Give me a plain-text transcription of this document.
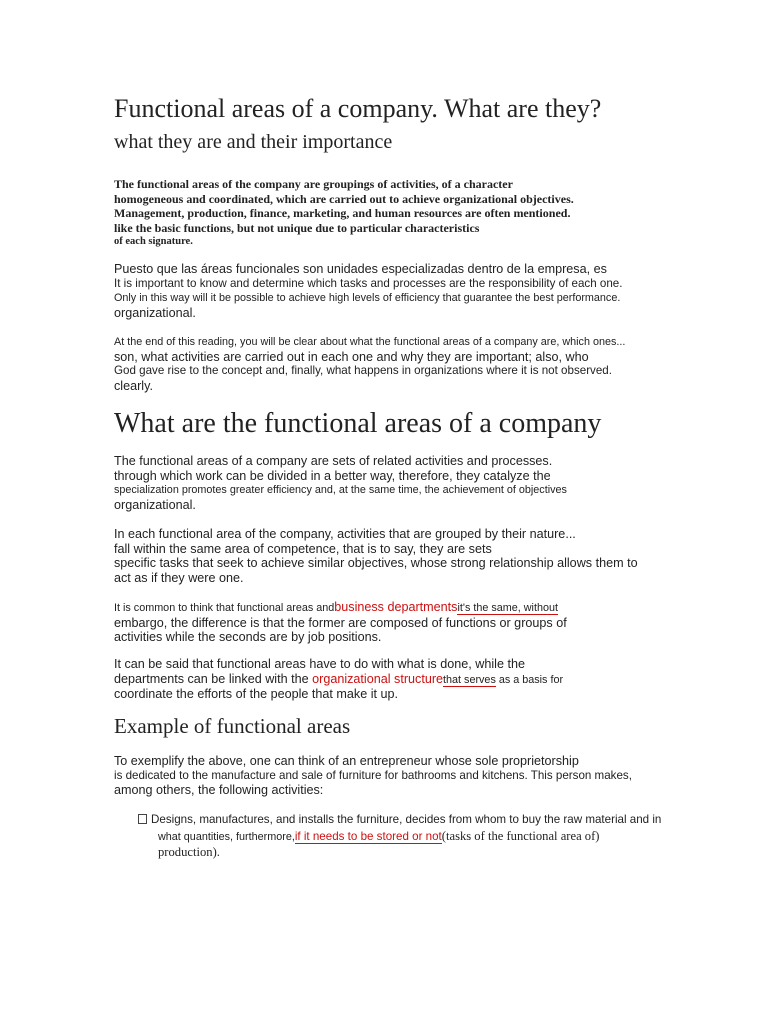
Functional areas of a company. What are they?
what they are and their importance
The functional areas of the company are groupings of activities, of a character
homogeneous and coordinated, which are carried out to achieve organizational objectives.
Management, production, finance, marketing, and human resources are often mentioned.
like the basic functions, but not unique due to particular characteristics
of each signature.
Puesto que las áreas funcionales son unidades especializadas dentro de la empresa, es
It is important to know and determine which tasks and processes are the responsibility of each one.
Only in this way will it be possible to achieve high levels of efficiency that guarantee the best performance.
organizational.
At the end of this reading, you will be clear about what the functional areas of a company are, which ones...
son, what activities are carried out in each one and why they are important; also, who
God gave rise to the concept and, finally, what happens in organizations where it is not observed.
clearly.
What are the functional areas of a company
The functional areas of a company are sets of related activities and processes.
through which work can be divided in a better way, therefore, they catalyze the
specialization promotes greater efficiency and, at the same time, the achievement of objectives
organizational.
In each functional area of the company, activities that are grouped by their nature...
fall within the same area of competence, that is to say, they are sets
specific tasks that seek to achieve similar objectives, whose strong relationship allows them to
act as if they were one.
It is common to think that functional areas andbusiness departmentsit's the same, without
embargo, the difference is that the former are composed of functions or groups of
activities while the seconds are by job positions.
It can be said that functional areas have to do with what is done, while the
departments can be linked with the organizational structurethat serves as a basis for
coordinate the efforts of the people that make it up.
Example of functional areas
To exemplify the above, one can think of an entrepreneur whose sole proprietorship
is dedicated to the manufacture and sale of furniture for bathrooms and kitchens. This person makes,
among others, the following activities:
Designs, manufactures, and installs the furniture, decides from whom to buy the raw material and in
what quantities, furthermore,if it needs to be stored or not(tasks of the functional area of)
production).
